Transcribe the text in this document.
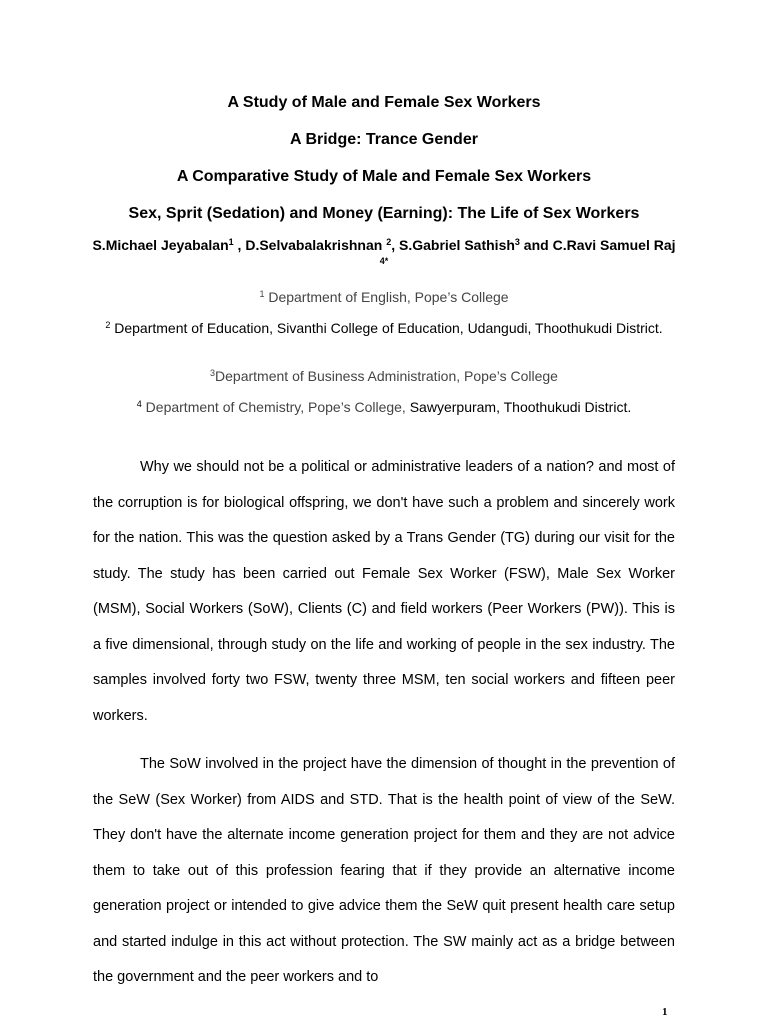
A Study of Male and Female Sex Workers
A Bridge: Trance Gender
A Comparative Study of Male and Female Sex Workers
Sex, Sprit (Sedation) and Money (Earning): The Life of Sex Workers
S.Michael Jeyabalan$^1$ , D.Selvabalakrishnan $^2$, S.Gabriel Sathish$^3$ and C.Ravi Samuel Raj $^{4*}$
$^1$ Department of English, Pope’s College
$^2$ Department of Education, Sivanthi College of Education, Udangudi, Thoothukudi District.
$^3$Department of Business Administration, Pope’s College
$^4$ Department of Chemistry, Pope’s College, Sawyerpuram, Thoothukudi District.

Why we should not be a political or administrative leaders of a nation? and most of the corruption is for biological offspring, we don't have such a problem and sincerely work for the nation. This was the question asked by a Trans Gender (TG) during our visit for the study. The study has been carried out Female Sex Worker (FSW), Male Sex Worker (MSM), Social Workers (SoW), Clients (C) and field workers (Peer Workers (PW)). This is a five dimensional, through study on the life and working of people in the sex industry. The samples involved forty two FSW, twenty three MSM, ten social workers and fifteen peer workers.

The SoW involved in the project have the dimension of thought in the prevention of the SeW (Sex Worker) from AIDS and STD. That is the health point of view of the SeW. They don't have the alternate income generation project for them and they are not advice them to take out of this profession fearing that if they provide an alternative income generation project or intended to give advice them the SeW quit present health care setup and started indulge in this act without protection. The SW mainly act as a bridge between the government and the peer workers and to

1
